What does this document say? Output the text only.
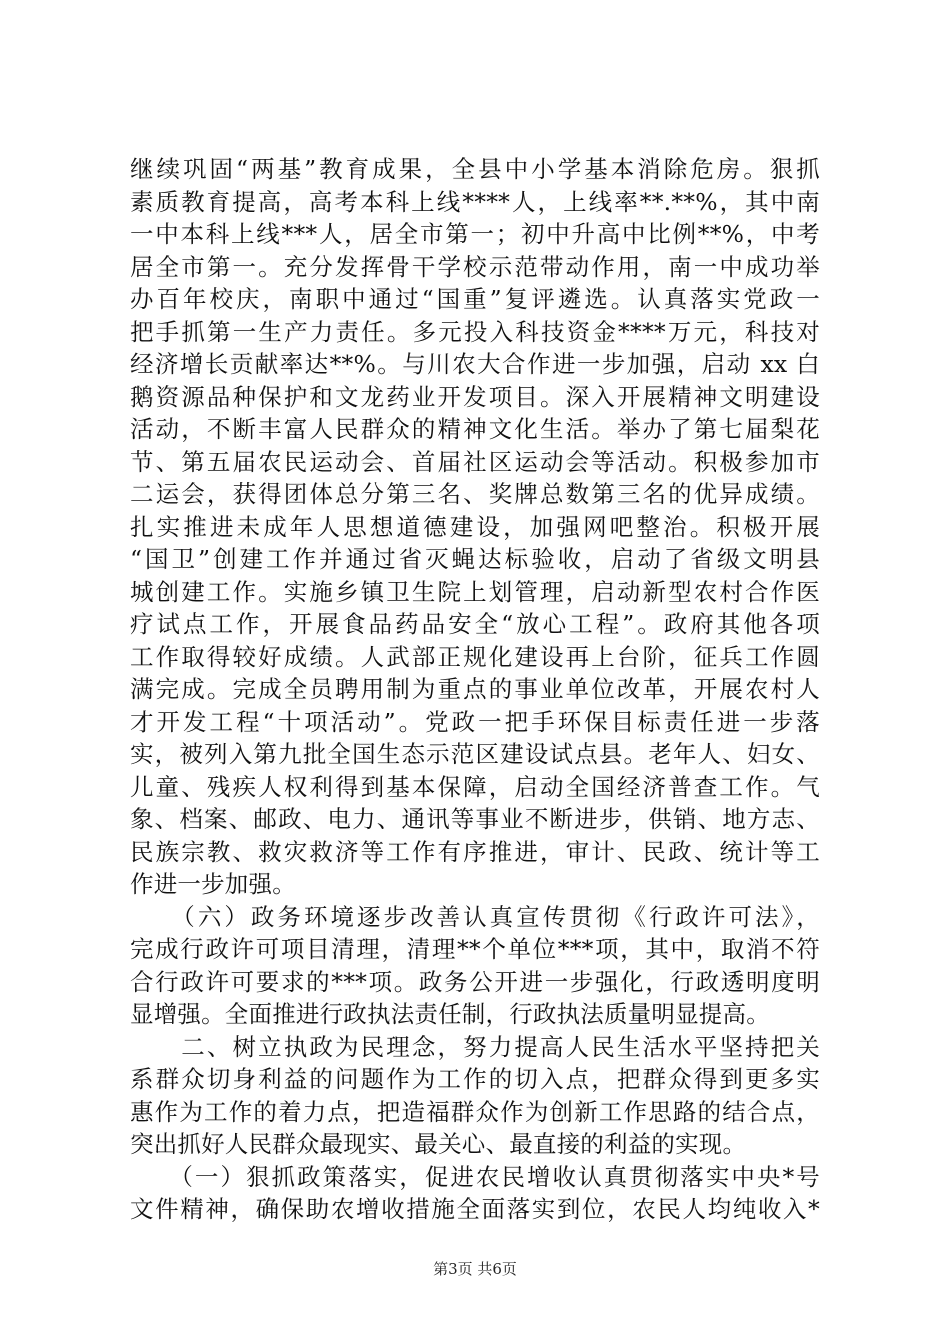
继续巩固“两基”教育成果，全县中小学基本消除危房。狠抓
素质教育提高，高考本科上线****人，上线率**.**%，其中南
一中本科上线***人，居全市第一；初中升高中比例**%，中考
居全市第一。充分发挥骨干学校示范带动作用，南一中成功举
办百年校庆，南职中通过“国重”复评遴选。认真落实党政一
把手抓第一生产力责任。多元投入科技资金****万元，科技对
经济增长贡献率达**%。与川农大合作进一步加强，启动 xx 白
鹅资源品种保护和文龙药业开发项目。深入开展精神文明建设
活动，不断丰富人民群众的精神文化生活。举办了第七届梨花
节、第五届农民运动会、首届社区运动会等活动。积极参加市
二运会，获得团体总分第三名、奖牌总数第三名的优异成绩。
扎实推进未成年人思想道德建设，加强网吧整治。积极开展
“国卫”创建工作并通过省灭蝇达标验收，启动了省级文明县
城创建工作。实施乡镇卫生院上划管理，启动新型农村合作医
疗试点工作，开展食品药品安全“放心工程”。政府其他各项
工作取得较好成绩。人武部正规化建设再上台阶，征兵工作圆
满完成。完成全员聘用制为重点的事业单位改革，开展农村人
才开发工程“十项活动”。党政一把手环保目标责任进一步落
实，被列入第九批全国生态示范区建设试点县。老年人、妇女、
儿童、残疾人权利得到基本保障，启动全国经济普查工作。气
象、档案、邮政、电力、通讯等事业不断进步，供销、地方志、
民族宗教、救灾救济等工作有序推进，审计、民政、统计等工
作进一步加强。
　　（六）政务环境逐步改善认真宣传贯彻《行政许可法》，
完成行政许可项目清理，清理**个单位***项，其中，取消不符
合行政许可要求的***项。政务公开进一步强化，行政透明度明
显增强。全面推进行政执法责任制，行政执法质量明显提高。
　　二、树立执政为民理念，努力提高人民生活水平坚持把关
系群众切身利益的问题作为工作的切入点，把群众得到更多实
惠作为工作的着力点，把造福群众作为创新工作思路的结合点，
突出抓好人民群众最现实、最关心、最直接的利益的实现。
　　（一）狠抓政策落实，促进农民增收认真贯彻落实中央*号
文件精神，确保助农增收措施全面落实到位，农民人均纯收入*
第3页 共6页
